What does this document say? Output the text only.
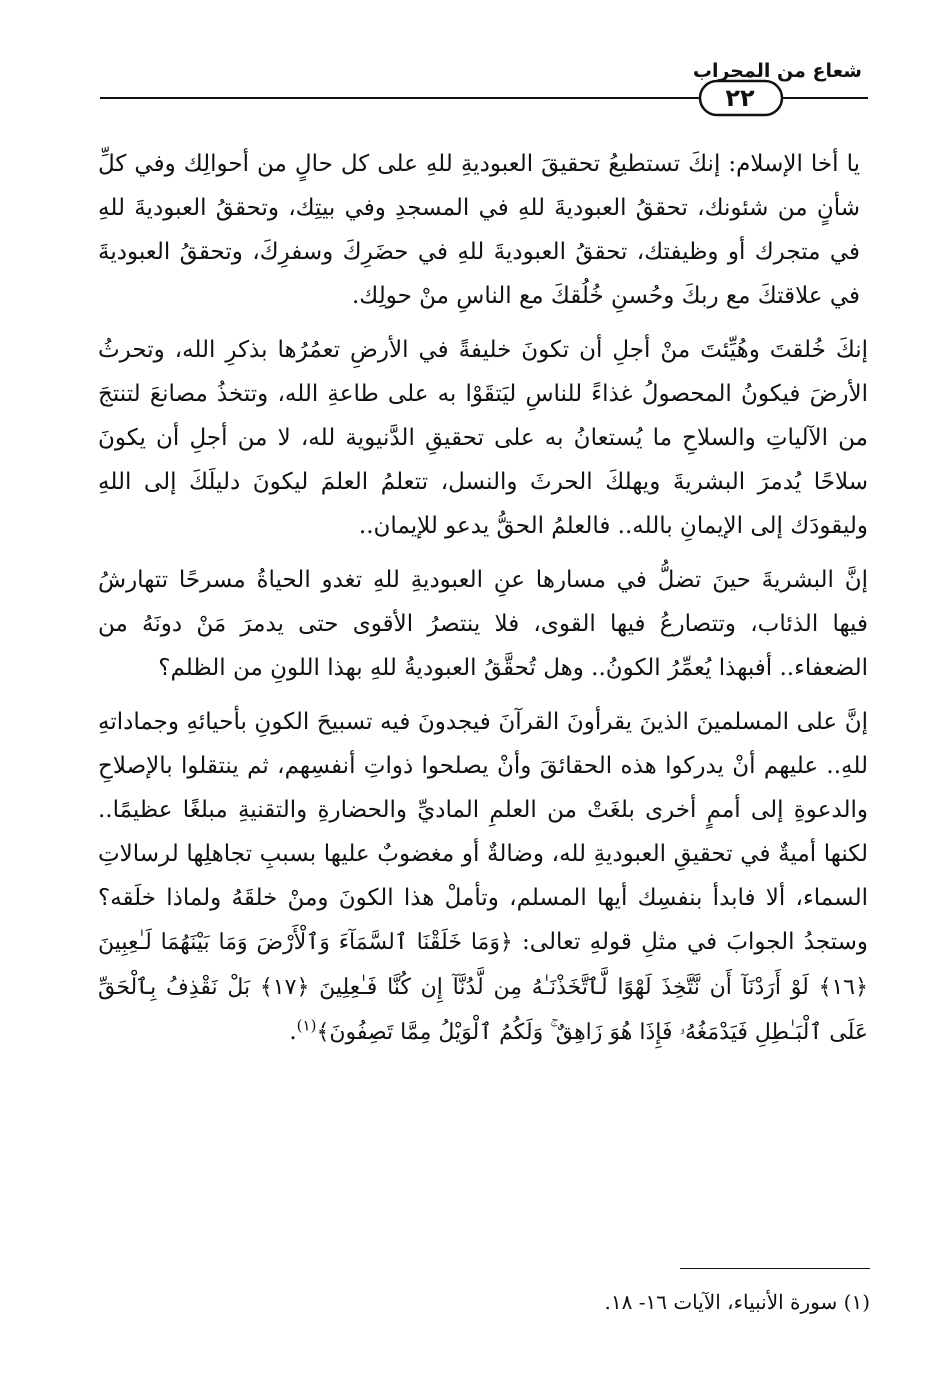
شعاع من المحراب
٢٢

يا أخا الإسلام: إنكَ تستطيعُ تحقيقَ العبوديةِ للهِ على كل حالٍ من أحوالِك وفي كلِّ شأنٍ من شئونك، تحققُ العبوديةَ للهِ في المسجدِ وفي بيتِك، وتحققُ العبوديةَ للهِ في متجرك أو وظيفتك، تحققُ العبوديةَ للهِ في حضَرِكَ وسفرِكَ، وتحققُ العبوديةَ في علاقتكَ مع ربكَ وحُسنِ خُلُقكَ مع الناسِ منْ حولِك.

إنكَ خُلقتَ وهُيِّئتَ منْ أجلِ أن تكونَ خليفةً في الأرضِ تعمُرُها بذكرِ الله، وتحرثُ الأرضَ فيكونُ المحصولُ غذاءً للناسِ ليَتقَوْا به على طاعةِ الله، وتتخذُ مصانعَ لتنتجَ من الآلياتِ والسلاحِ ما يُستعانُ به على تحقيقِ الدَّنيوية لله، لا من أجلِ أن يكونَ سلاحًا يُدمرَ البشريةَ ويهلكَ الحرثَ والنسل، تتعلمُ العلمَ ليكونَ دليلَكَ إلى اللهِ وليقودَك إلى الإيمانِ بالله.. فالعلمُ الحقُّ يدعو للإيمان..

إنَّ البشريةَ حينَ تضلُّ في مسارها عنِ العبوديةِ للهِ تغدو الحياةُ مسرحًا تتهارشُ فيها الذئاب، وتتصارعُ فيها القوى، فلا ينتصرُ الأقوى حتى يدمرَ مَنْ دونَهُ من الضعفاء.. أفبهذا يُعمِّرُ الكونُ.. وهل تُحقَّقُ العبوديةُ للهِ بهذا اللونِ من الظلم؟

إنَّ على المسلمينَ الذينَ يقرأونَ القرآنَ فيجدونَ فيه تسبيحَ الكونِ بأحيائهِ وجماداتهِ للهِ.. عليهم أنْ يدركوا هذه الحقائقَ وأنْ يصلحوا ذواتِ أنفسِهم، ثم ينتقلوا بالإصلاحِ والدعوةِ إلى أممٍ أخرى بلغَتْ من العلمِ الماديِّ والحضارةِ والتقنيةِ مبلغًا عظيمًا.. لكنها أميةٌ في تحقيقِ العبوديةِ لله، وضالةٌ أو مغضوبٌ عليها بسببِ تجاهلِها لرسالاتِ السماء، ألا فابدأ بنفسِك أيها المسلم، وتأملْ هذا الكونَ ومنْ خلقَهُ ولماذا خلَقه؟ وستجدُ الجوابَ في مثلِ قولهِ تعالى: ﴿وَمَا خَلَقْنَا ٱلسَّمَآءَ وَٱلْأَرْضَ وَمَا بَيْنَهُمَا لَـٰعِبِينَ ﴿١٦﴾ لَوْ أَرَدْنَآ أَن نَّتَّخِذَ لَهْوًا لَّٱتَّخَذْنَـٰهُ مِن لَّدُنَّآ إِن كُنَّا فَـٰعِلِينَ ﴿١٧﴾ بَلْ نَقْذِفُ بِٱلْحَقِّ عَلَى ٱلْبَـٰطِلِ فَيَدْمَغُهُۥ فَإِذَا هُوَ زَاهِقٌ ۚ وَلَكُمُ ٱلْوَيْلُ مِمَّا تَصِفُونَ﴾$^{(١)}$.

(١) سورة الأنبياء، الآيات ١٦- ١٨.
